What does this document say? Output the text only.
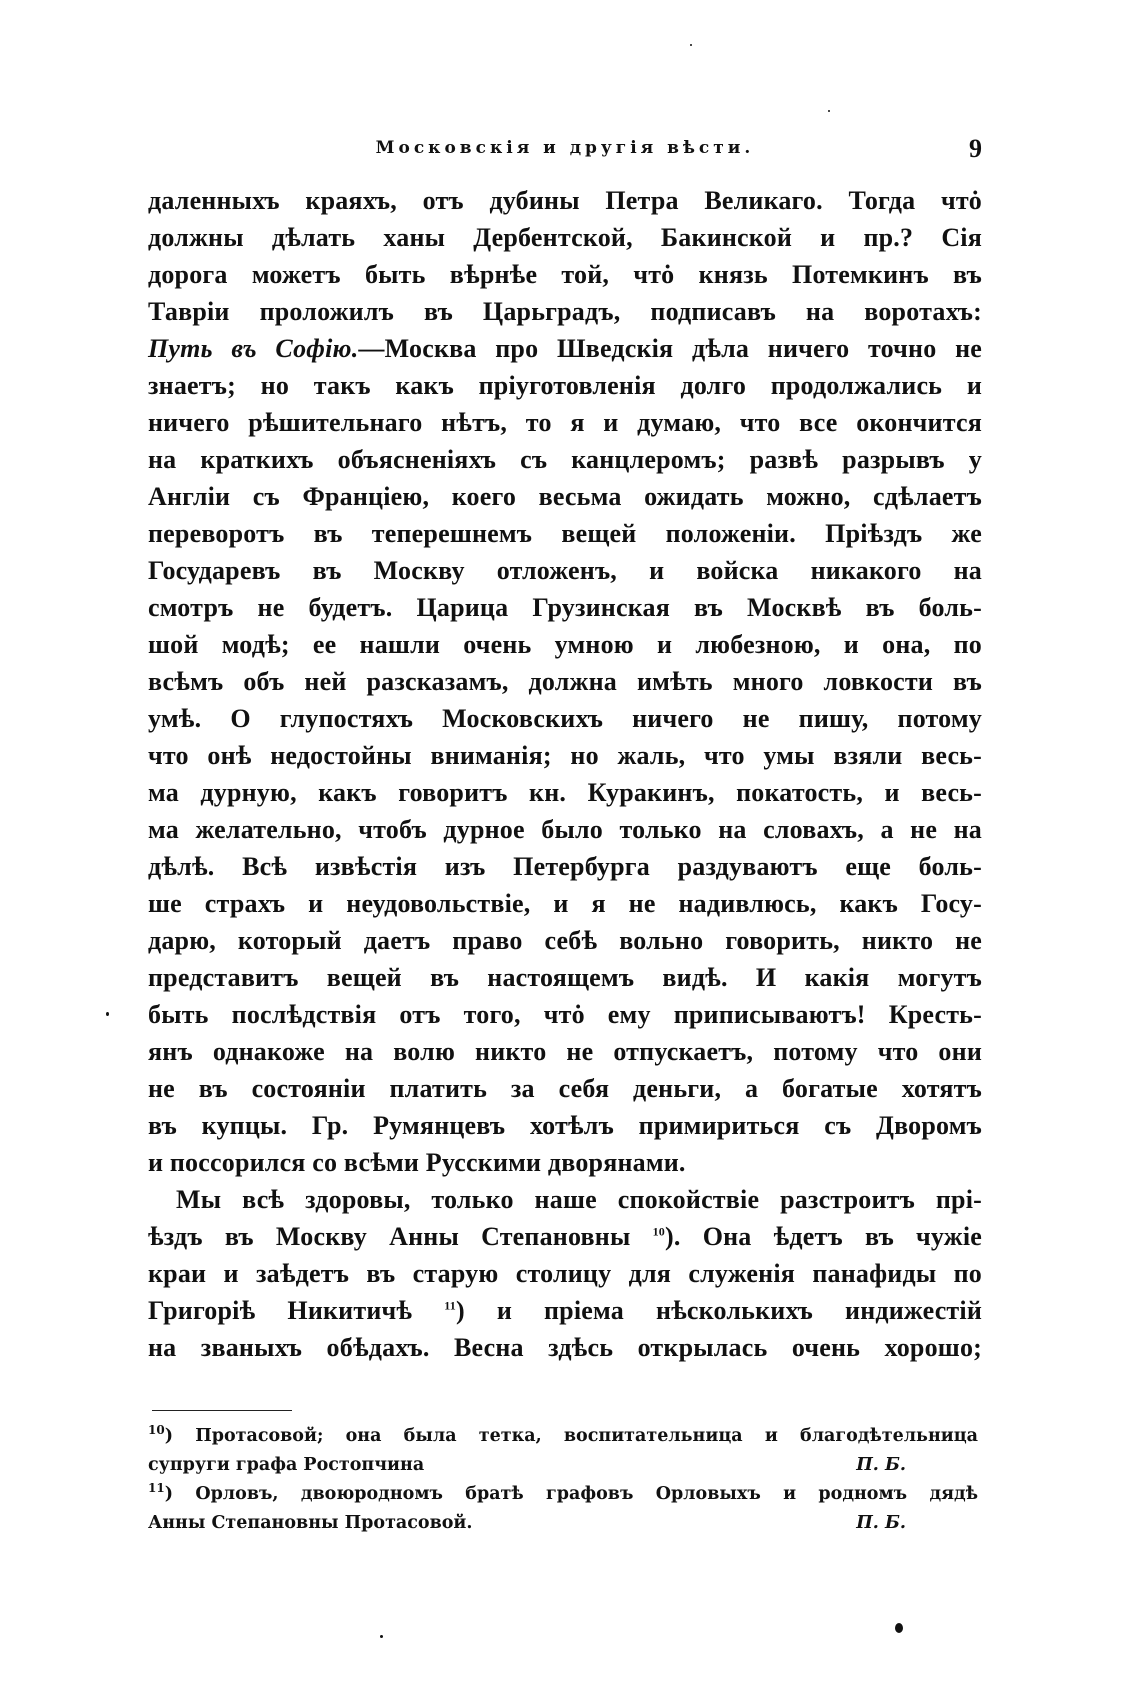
Московскія и другія вѣсти.	9
даленныхъ краяхъ, отъ дубины Петра Великаго. Тогда чтȯ
должны дѣлать ханы Дербентской, Бакинской и пр.? Сія
дорога можетъ быть вѣрнѣе той, чтȯ князь Потемкинъ въ
Тавріи проложилъ въ Царьградъ, подписавъ на воротахъ:
Путь въ Софію.—Москва про Шведскія дѣла ничего точно не
знаетъ; но такъ какъ пріуготовленія долго продолжались и
ничего рѣшительнаго нѣтъ, то я и думаю, что все окончится
на краткихъ объясненіяхъ съ канцлеромъ; развѣ разрывъ у
Англіи съ Франціею, коего весьма ожидать можно, сдѣлаетъ
переворотъ въ теперешнемъ вещей положеніи. Пріѣздъ же
Государевъ въ Москву отложенъ, и войска никакого на
смотръ не будетъ. Царица Грузинская въ Москвѣ въ боль-
шой модѣ; ее нашли очень умною и любезною, и она, по
всѣмъ объ ней разсказамъ, должна имѣть много ловкости въ
умѣ. О глупостяхъ Московскихъ ничего не пишу, потому
что онѣ недостойны вниманія; но жаль, что умы взяли весь-
ма дурную, какъ говоритъ кн. Куракинъ, покатость, и весь-
ма желательно, чтобъ дурное было только на словахъ, а не на
дѣлѣ. Всѣ извѣстія изъ Петербурга раздуваютъ еще боль-
ше страхъ и неудовольствіе, и я не надивлюсь, какъ Госу-
дарю, который даетъ право себѣ вольно говорить, никто не
представитъ вещей въ настоящемъ видѣ. И какія могутъ
быть послѣдствія отъ того, чтȯ ему приписываютъ! Кресть-
янъ однакоже на волю никто не отпускаетъ, потому что они
не въ состояніи платить за себя деньги, а богатые хотятъ
въ купцы. Гр. Румянцевъ хотѣлъ примириться съ Дворомъ
и поссорился со всѣми Русскими дворянами.
Мы всѣ здоровы, только наше спокойствіе разстроитъ прі-
ѣздъ въ Москву Анны Степановны $^{10}$). Она ѣдетъ въ чужіе
краи и заѣдетъ въ старую столицу для служенія панафиды по
Григоріѣ Никитичѣ	$^{11}$) и пріема нѣсколькихъ индижестій
на званыхъ обѣдахъ. Весна здѣсь открылась очень хорошо;
$^{10}$) Протасовой; она была тетка, воспитательница и благодѣтельница
супруги графа Ростопчина	П. Б.
$^{11}$) Орловъ, двоюродномъ братѣ графовъ Орловыхъ и родномъ дядѣ
Анны Степановны Протасовой.	П. Б.
